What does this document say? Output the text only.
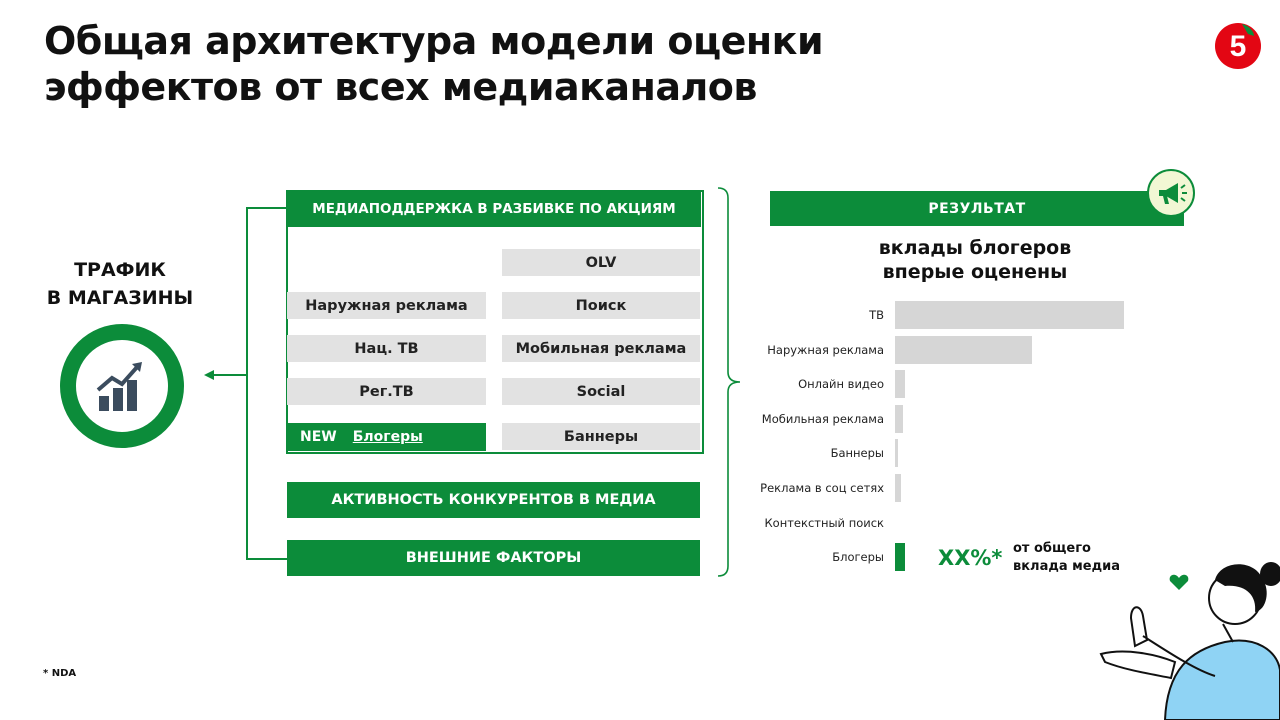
Общая архитектура модели оценки
эффектов от всех медиаканалов
5
ТРАФИК
В МАГАЗИНЫ
МЕДИАПОДДЕРЖКА В РАЗБИВКЕ ПО АКЦИЯМ
OLV
Наружная реклама	Поиск
Нац. ТВ	Мобильная реклама
Рег.ТВ	Social
NEW Блогеры	Баннеры
АКТИВНОСТЬ КОНКУРЕНТОВ В МЕДИА
ВНЕШНИЕ ФАКТОРЫ
РЕЗУЛЬТАТ
вклады блогеров
вперые оценены
ТВ
Наружная реклама
Онлайн видео
Мобильная реклама
Баннеры
Реклама в соц сетях
Контекстный поиск
Блогеры	XX%* от общего
вклада медиа
* NDA
